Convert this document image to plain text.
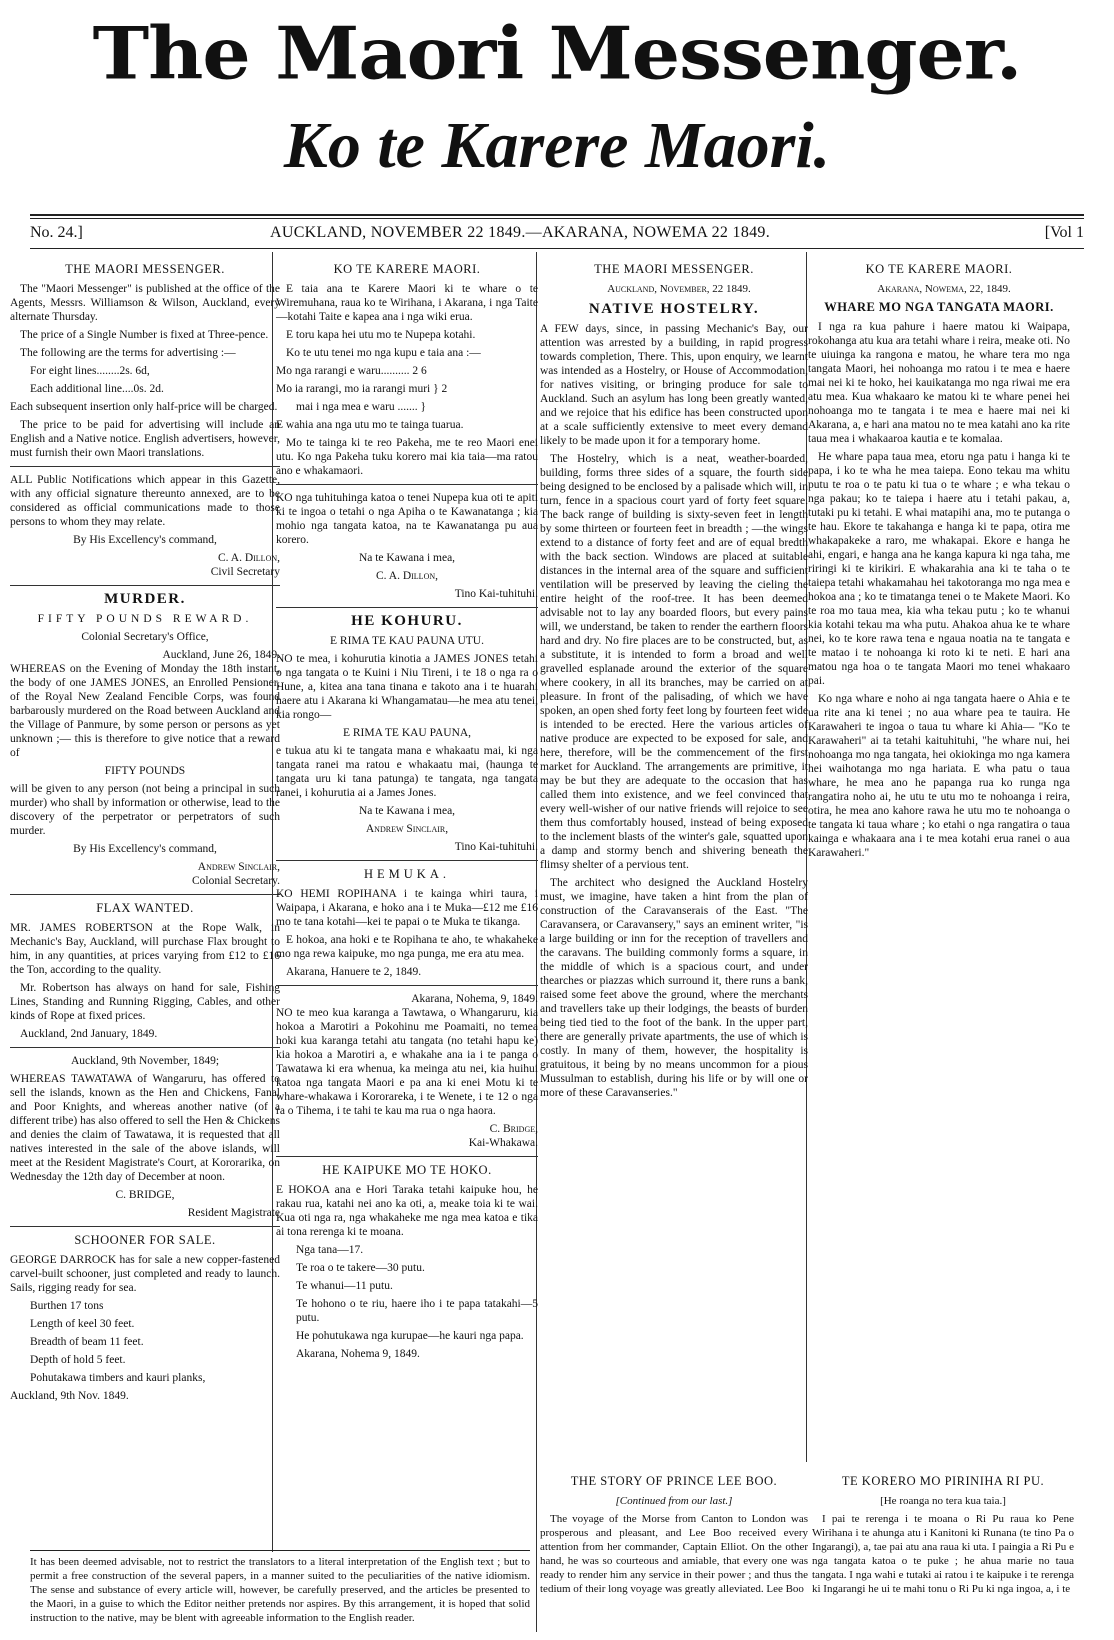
The Maori Messenger.
Ko te Karere Maori.
No. 24.]	AUCKLAND, NOVEMBER 22 1849.—AKARANA, NOWEMA 22 1849.	[Vol 1
THE MAORI MESSENGER.

The "Maori Messenger" is published at the office of the Agents, Messrs. Williamson & Wilson, Auckland, every alternate Thursday.

The price of a Single Number is fixed at Three-pence.

The following are the terms for advertising :—

For eight lines........2s. 6d,

Each additional line....0s. 2d.

Each subsequent insertion only half-price will be charged.

The price to be paid for advertising will include an English and a Native notice. English advertisers, however, must furnish their own Maori translations.

ALL Public Notifications which appear in this Gazette, with any official signature thereunto annexed, are to be considered as official communications made to those persons to whom they may relate.

By His Excellency's command,

C. A. Dillon,

Civil Secretary

MURDER.

FIFTY POUNDS REWARD.

Colonial Secretary's Office,

Auckland, June 26, 1849.

WHEREAS on the Evening of Monday the 18th instant, the body of one JAMES JONES, an Enrolled Pensioner, of the Royal New Zealand Fencible Corps, was found barbarously murdered on the Road between Auckland and the Village of Panmure, by some person or persons as yet unknown ;— this is therefore to give notice that a reward of

FIFTY POUNDS

will be given to any person (not being a principal in such murder) who shall by information or otherwise, lead to the discovery of the perpetrator or perpetrators of such murder.

By His Excellency's command,

Andrew Sinclair,

Colonial Secretary.

FLAX WANTED.

MR. JAMES ROBERTSON at the Rope Walk, in Mechanic's Bay, Auckland, will purchase Flax brought to him, in any quantities, at prices varying from £12 to £16 the Ton, according to the quality.

Mr. Robertson has always on hand for sale, Fishing Lines, Standing and Running Rigging, Cables, and other kinds of Rope at fixed prices.

Auckland, 2nd January, 1849.

Auckland, 9th November, 1849;

WHEREAS TAWATAWA of Wangaruru, has offered to sell the islands, known as the Hen and Chickens, Fanal and Poor Knights, and whereas another native (of a different tribe) has also offered to sell the Hen & Chickens and denies the claim of Tawatawa, it is requested that all natives interested in the sale of the above islands, will meet at the Resident Magistrate's Court, at Kororarika, on Wednesday the 12th day of December at noon.

C. BRIDGE,

Resident Magistrate

SCHOONER FOR SALE.

GEORGE DARROCK has for sale a new copper-fastened carvel-built schooner, just completed and ready to launch. Sails, rigging ready for sea.

Burthen 17 tons

Length of keel 30 feet.

Breadth of beam 11 feet.

Depth of hold 5 feet.

Pohutakawa timbers and kauri planks,

Auckland, 9th Nov. 1849.

KO TE KARERE MAORI.

E taia ana te Karere Maori ki te whare o te Wiremuhana, raua ko te Wirihana, i Akarana, i nga Taite—kotahi Taite e kapea ana i nga wiki erua.

E toru kapa hei utu mo te Nupepa kotahi.

Ko te utu tenei mo nga kupu e taia ana :—

Mo nga rarangi e waru.......... 2 6

Mo ia rarangi, mo ia rarangi muri } 2

mai i nga mea e waru ....... }

E wahia ana nga utu mo te tainga tuarua.

Mo te tainga ki te reo Pakeha, me te reo Maori enei utu. Ko nga Pakeha tuku korero mai kia taia—ma ratou ano e whakamaori.

KO nga tuhituhinga katoa o tenei Nupepa kua oti te apiti ki te ingoa o tetahi o nga Apiha o te Kawanatanga ; kia mohio nga tangata katoa, na te Kawanatanga pu aua korero.

Na te Kawana i mea,

C. A. Dillon,

Tino Kai-tuhituhi.

HE KOHURU.

E RIMA TE KAU PAUNA UTU.

NO te mea, i kohurutia kinotia a JAMES JONES tetahi o nga tangata o te Kuini i Niu Tireni, i te 18 o nga ra o Hune, a, kitea ana tana tinana e takoto ana i te huarahi haere atu i Akarana ki Whangamatau—he mea atu tenei, kia rongo—

E RIMA TE KAU PAUNA,

e tukua atu ki te tangata mana e whakaatu mai, ki nga tangata ranei ma ratou e whakaatu mai, (haunga te tangata uru ki tana patunga) te tangata, nga tangata ranei, i kohurutia ai a James Jones.

Na te Kawana i mea,

Andrew Sinclair,

Tino Kai-tuhituhi.

HEMUKA.

KO HEMI ROPIHANA i te kainga whiri taura, i Waipapa, i Akarana, e hoko ana i te Muka—£12 me £16 mo te tana kotahi—kei te papai o te Muka te tikanga.

E hokoa, ana hoki e te Ropihana te aho, te whakaheke mo nga rewa kaipuke, mo nga punga, me era atu mea.

Akarana, Hanuere te 2, 1849.

Akarana, Nohema, 9, 1849.

NO te meo kua karanga a Tawtawa, o Whangaruru, kia hokoa a Marotiri a Pokohinu me Poamaiti, no temea hoki kua karanga tetahi atu tangata (no tetahi hapu ke) kia hokoa a Marotiri a, e whakahe ana ia i te panga o Tawatawa ki era whenua, ka meinga atu nei, kia huihui katoa nga tangata Maori e pa ana ki enei Motu ki te whare-whakawa i Kororareka, i te Wenete, i te 12 o nga ra o Tihema, i te tahi te kau ma rua o nga haora.

C. Bridge,

Kai-Whakawa.

HE KAIPUKE MO TE HOKO.

E HOKOA ana e Hori Taraka tetahi kaipuke hou, he rakau rua, katahi nei ano ka oti, a, meake toia ki te wai. Kua oti nga ra, nga whakaheke me nga mea katoa e tika ai tona rerenga ki te moana.

Nga tana—17.

Te roa o te takere—30 putu.

Te whanui—11 putu.

Te hohono o te riu, haere iho i te papa tatakahi—5 putu.

He pohutukawa nga kurupae—he kauri nga papa.

Akarana, Nohema 9, 1849.

THE MAORI MESSENGER.

Auckland, November, 22 1849.

NATIVE HOSTELRY.

A FEW days, since, in passing Mechanic's Bay, our attention was arrested by a building, in rapid progress towards completion, There. This, upon enquiry, we learnt was intended as a Hostelry, or House of Accommodation, for natives visiting, or bringing produce for sale to Auckland. Such an asylum has long been greatly wanted, and we rejoice that his edifice has been constructed upon at a scale sufficiently extensive to meet every demand likely to be made upon it for a temporary home.

The Hostelry, which is a neat, weather-boarded, building, forms three sides of a square, the fourth side being designed to be enclosed by a palisade which will, in turn, fence in a spacious court yard of forty feet square. The back range of building is sixty-seven feet in length by some thirteen or fourteen feet in breadth ; —the wings extend to a distance of forty feet and are of equal bredth with the back section. Windows are placed at suitable distances in the internal area of the square and sufficient ventilation will be preserved by leaving the cieling the entire height of the roof-tree. It has been deemed advisable not to lay any boarded floors, but every pains will, we understand, be taken to render the earthern floors hard and dry. No fire places are to be constructed, but, as a substitute, it is intended to form a broad and well gravelled esplanade around the exterior of the square where cookery, in all its branches, may be carried on at pleasure. In front of the palisading, of which we have spoken, an open shed forty feet long by fourteen feet wide is intended to be erected. Here the various articles of native produce are expected to be exposed for sale, and here, therefore, will be the commencement of the first market for Auckland. The arrangements are primitive, it may be but they are adequate to the occasion that has called them into existence, and we feel convinced that every well-wisher of our native friends will rejoice to see them thus comfortably housed, instead of being exposed to the inclement blasts of the winter's gale, squatted upon a damp and stormy bench and shivering beneath the flimsy shelter of a pervious tent.

The architect who designed the Auckland Hostelry must, we imagine, have taken a hint from the plan of construction of the Caravanserais of the East. "The Caravansera, or Caravansery," says an eminent writer, "is a large building or inn for the reception of travellers and the caravans. The building commonly forms a square, in the middle of which is a spacious court, and under thearches or piazzas which surround it, there runs a bank, raised some feet above the ground, where the merchants and travellers take up their lodgings, the beasts of burden being tied tied to the foot of the bank. In the upper part, there are generally private apartments, the use of which is costly. In many of them, however, the hospitality is gratuitous, it being by no means uncommon for a pious Mussulman to establish, during his life or by will one or more of these Caravanseries."

KO TE KARERE MAORI.

Akarana, Nowema, 22, 1849.

WHARE MO NGA TANGATA MAORI.

I nga ra kua pahure i haere matou ki Waipapa, rokohanga atu kua ara tetahi whare i reira, meake oti. No te uiuinga ka rangona e matou, he whare tera mo nga tangata Maori, hei nohoanga mo ratou i te mea e haere mai nei ki te hoko, hei kauikatanga mo nga riwai me era atu mea. Kua whakaaro ke matou ki te whare penei hei nohoanga mo te tangata i te mea e haere mai nei ki Akarana, a, e hari ana matou no te mea katahi ano ka rite taua mea i whakaaroa kautia e te komalaa.

He whare papa taua mea, etoru nga patu i hanga ki te papa, i ko te wha he mea taiepa. Eono tekau ma whitu putu te roa o te patu ki tua o te whare ; e wha tekau o nga pakau; ko te taiepa i haere atu i tetahi pakau, a, tutaki pu ki tetahi. E whai matapihi ana, mo te putanga o te hau. Ekore te takahanga e hanga ki te papa, otira me whakapakeke a raro, me whakapai. Ekore e hanga he ahi, engari, e hanga ana he kanga kapura ki nga taha, me riringi ki te kirikiri. E whakarahia ana ki te taha o te taiepa tetahi whakamahau hei takotoranga mo nga mea e hokoa ana ; ko te timatanga tenei o te Makete Maori. Ko te roa mo taua mea, kia wha tekau putu ; ko te whanui kia kotahi tekau ma wha putu. Ahakoa ahua ke te whare nei, ko te kore rawa tena e ngaua noatia na te tangata e te matao i te nohoanga ki roto ki te neti. E hari ana matou nga hoa o te tangata Maori mo tenei whakaaro pai.

Ko nga whare e noho ai nga tangata haere o Ahia e te ua rite ana ki tenei ; no aua whare pea te tauira. He Karawaheri te ingoa o taua tu whare ki Ahia— "Ko te Karawaheri" ai ta tetahi kaituhituhi, "he whare nui, hei nohoanga mo nga tangata, hei okiokinga mo nga kamera hei waihotanga mo nga hariata. E wha patu o taua whare, he mea ano he papanga rua ko runga nga rangatira noho ai, he utu te utu mo te nohoanga i reira, otira, he mea ano kahore rawa he utu mo te nohoanga o te tangata ki taua whare ; ko etahi o nga rangatira o taua kainga e whakaara ana i te mea kotahi erua ranei o aua Karawaheri."

THE STORY OF PRINCE LEE BOO.

[Continued from our last.]

The voyage of the Morse from Canton to London was prosperous and pleasant, and Lee Boo received every attention from her commander, Captain Elliot. On the other hand, he was so courteous and amiable, that every one was ready to render him any service in their power ; and thus the tedium of their long voyage was greatly alleviated. Lee Boo

TE KORERO MO PIRINIHA RI PU.

[He roanga no tera kua taia.]

I pai te rerenga i te moana o Ri Pu raua ko Pene Wirihana i te ahunga atu i Kanitoni ki Runana (te tino Pa o Ingarangi), a, tae pai atu ana raua ki uta. I paingia a Ri Pu e nga tangata katoa o te puke ; he ahua marie no taua tangata. I nga wahi e tutaki ai ratou i te kaipuke i te rerenga ki Ingarangi he ui te mahi tonu o Ri Pu ki nga ingoa, a, i te

It has been deemed advisable, not to restrict the translators to a literal interpretation of the English text ; but to permit a free construction of the several papers, in a manner suited to the peculiarities of the native idiomism. The sense and substance of every article will, however, be carefully preserved, and the articles be presented to the Maori, in a guise to which the Editor neither pretends nor aspires. By this arrangement, it is hoped that solid instruction to the native, may be blent with agreeable information to the English reader.
